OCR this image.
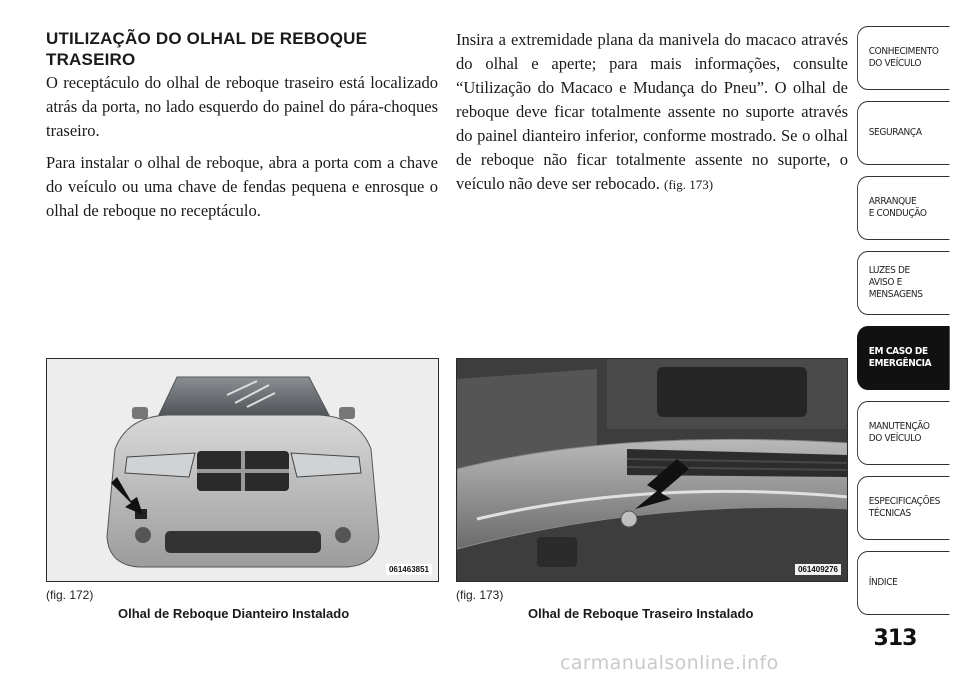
UTILIZAÇÃO DO OLHAL DE REBOQUE TRASEIRO

O receptáculo do olhal de reboque traseiro está localizado atrás da porta, no lado esquerdo do painel do pára-choques traseiro.

Para instalar o olhal de reboque, abra a porta com a chave do veículo ou uma chave de fendas pequena e enrosque o olhal de reboque no receptáculo.

Insira a extremidade plana da manivela do macaco através do olhal e aperte; para mais informações, consulte “Utilização do Macaco e Mudança do Pneu”. O olhal de reboque deve ficar totalmente assente no suporte através do painel dianteiro inferior, conforme mostrado. Se o olhal de reboque não ficar totalmente assente no suporte, o veículo não deve ser rebocado. (fig. 173)

061463851	061409276
(fig. 172)
Olhal de Reboque Dianteiro Instalado
(fig. 173)
Olhal de Reboque Traseiro Instalado
CONHECIMENTO
DO VEÍCULO
SEGURANÇA
ARRANQUE
E CONDUÇÃO
LUZES DE
AVISO E
MENSAGENS
EM CASO DE
EMERGÊNCIA
MANUTENÇÃO
DO VEÍCULO
ESPECIFICAÇÕES
TÉCNICAS
ÍNDICE
313
carmanualsonline.info
